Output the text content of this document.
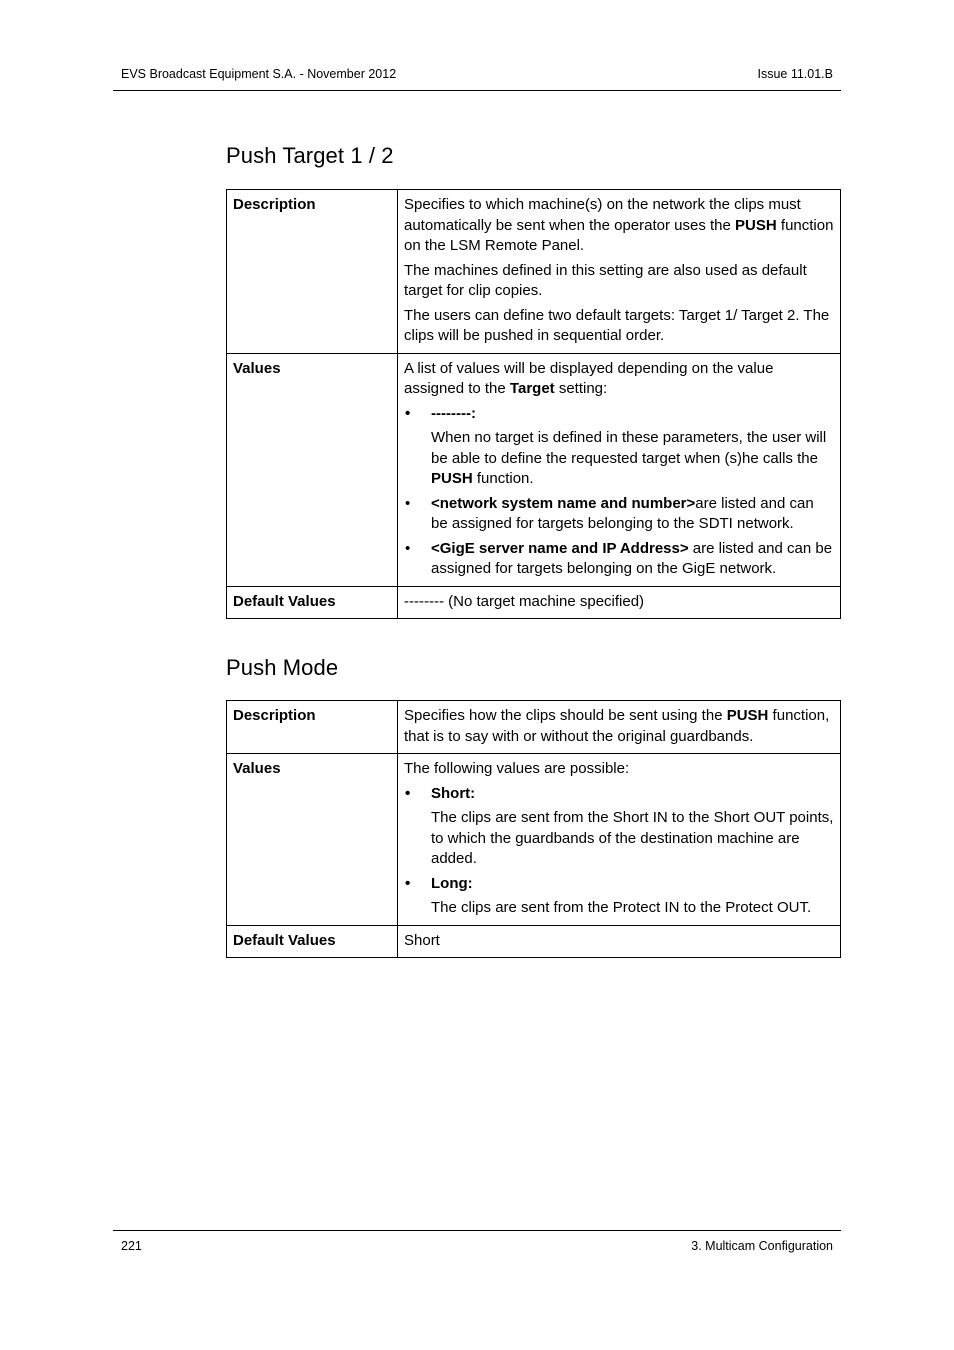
EVS Broadcast Equipment S.A. - November 2012	Issue 11.01.B
Push Target 1 / 2
Description	Specifies to which machine(s) on the network the clips must automatically be sent when the operator uses the PUSH function on the LSM Remote Panel.

The machines defined in this setting are also used as default target for clip copies.

The users can define two default targets: Target 1/ Target 2. The clips will be pushed in sequential order.

Values	A list of values will be displayed depending on the value assigned to the Target setting:

• --------:
When no target is defined in these parameters, the user will be able to define the requested target when (s)he calls the PUSH function.
• <network system name and number>are listed and can be assigned for targets belonging to the SDTI network.
• <GigE server name and IP Address> are listed and can be assigned for targets belonging on the GigE network.

Default Values	-------- (No target machine specified)
Push Mode
Description	Specifies how the clips should be sent using the PUSH function, that is to say with or without the original guardbands.

Values	The following values are possible:

• Short:
The clips are sent from the Short IN to the Short OUT points, to which the guardbands of the destination machine are added.
• Long:
The clips are sent from the Protect IN to the Protect OUT.

Default Values	Short
221	3. Multicam Configuration
